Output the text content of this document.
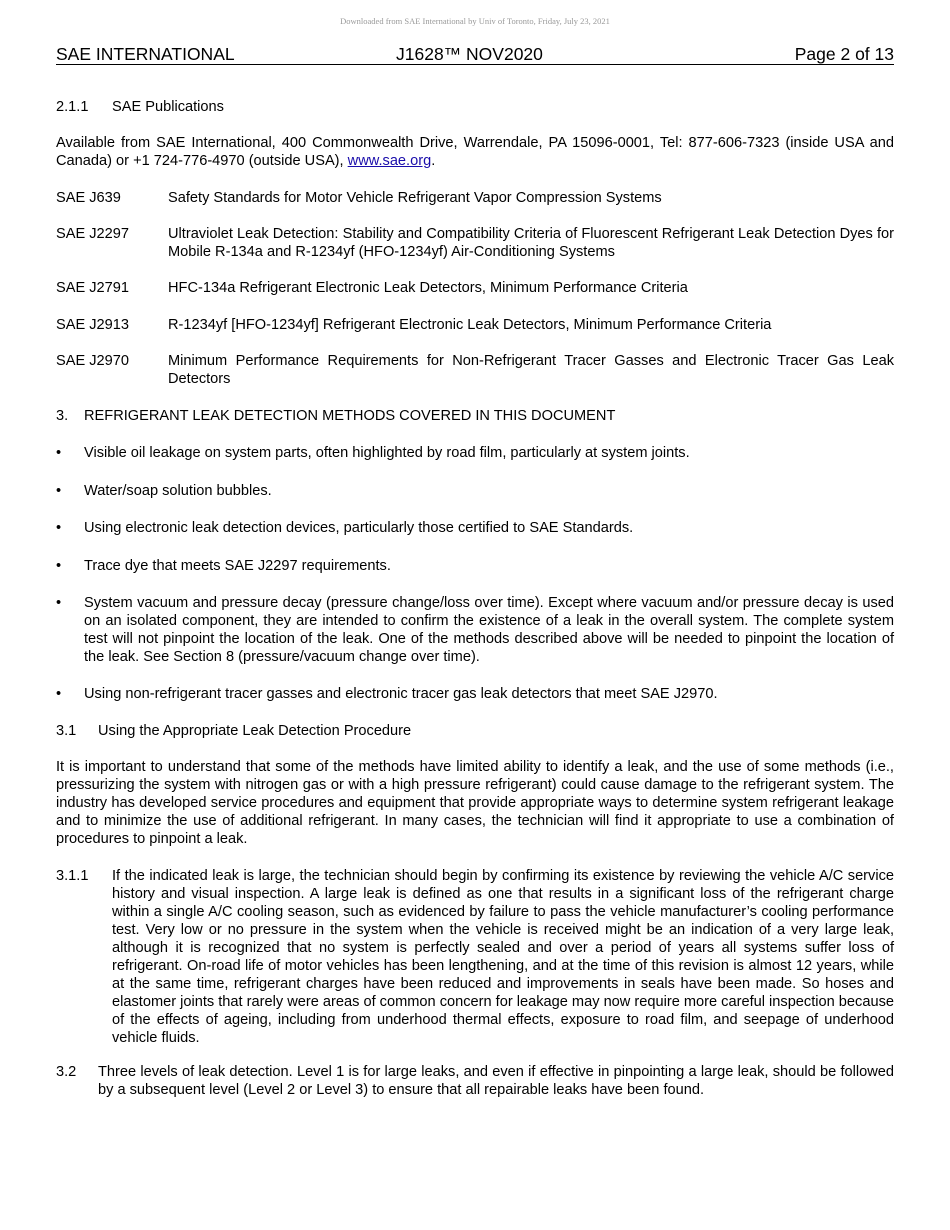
Downloaded from SAE International by Univ of Toronto, Friday, July 23, 2021
SAE INTERNATIONAL	J1628™ NOV2020	Page 2 of 13
2.1.1 SAE Publications
Available from SAE International, 400 Commonwealth Drive, Warrendale, PA 15096-0001, Tel: 877-606-7323 (inside USA and Canada) or +1 724-776-4970 (outside USA), www.sae.org.
SAE J639	Safety Standards for Motor Vehicle Refrigerant Vapor Compression Systems
SAE J2297	Ultraviolet Leak Detection: Stability and Compatibility Criteria of Fluorescent Refrigerant Leak Detection Dyes for Mobile R-134a and R-1234yf (HFO-1234yf) Air-Conditioning Systems
SAE J2791	HFC-134a Refrigerant Electronic Leak Detectors, Minimum Performance Criteria
SAE J2913	R-1234yf [HFO-1234yf] Refrigerant Electronic Leak Detectors, Minimum Performance Criteria
SAE J2970	Minimum Performance Requirements for Non-Refrigerant Tracer Gasses and Electronic Tracer Gas Leak Detectors
3. REFRIGERANT LEAK DETECTION METHODS COVERED IN THIS DOCUMENT
• Visible oil leakage on system parts, often highlighted by road film, particularly at system joints.
• Water/soap solution bubbles.
• Using electronic leak detection devices, particularly those certified to SAE Standards.
• Trace dye that meets SAE J2297 requirements.
• System vacuum and pressure decay (pressure change/loss over time). Except where vacuum and/or pressure decay is used on an isolated component, they are intended to confirm the existence of a leak in the overall system. The complete system test will not pinpoint the location of the leak. One of the methods described above will be needed to pinpoint the location of the leak. See Section 8 (pressure/vacuum change over time).
• Using non-refrigerant tracer gasses and electronic tracer gas leak detectors that meet SAE J2970.
3.1 Using the Appropriate Leak Detection Procedure
It is important to understand that some of the methods have limited ability to identify a leak, and the use of some methods (i.e., pressurizing the system with nitrogen gas or with a high pressure refrigerant) could cause damage to the refrigerant system. The industry has developed service procedures and equipment that provide appropriate ways to determine system refrigerant leakage and to minimize the use of additional refrigerant. In many cases, the technician will find it appropriate to use a combination of procedures to pinpoint a leak.
3.1.1 If the indicated leak is large, the technician should begin by confirming its existence by reviewing the vehicle A/C service history and visual inspection. A large leak is defined as one that results in a significant loss of the refrigerant charge within a single A/C cooling season, such as evidenced by failure to pass the vehicle manufacturer’s cooling performance test. Very low or no pressure in the system when the vehicle is received might be an indication of a very large leak, although it is recognized that no system is perfectly sealed and over a period of years all systems suffer loss of refrigerant. On-road life of motor vehicles has been lengthening, and at the time of this revision is almost 12 years, while at the same time, refrigerant charges have been reduced and improvements in seals have been made. So hoses and elastomer joints that rarely were areas of common concern for leakage may now require more careful inspection because of the effects of ageing, including from underhood thermal effects, exposure to road film, and seepage of underhood vehicle fluids.
3.2 Three levels of leak detection. Level 1 is for large leaks, and even if effective in pinpointing a large leak, should be followed by a subsequent level (Level 2 or Level 3) to ensure that all repairable leaks have been found.
